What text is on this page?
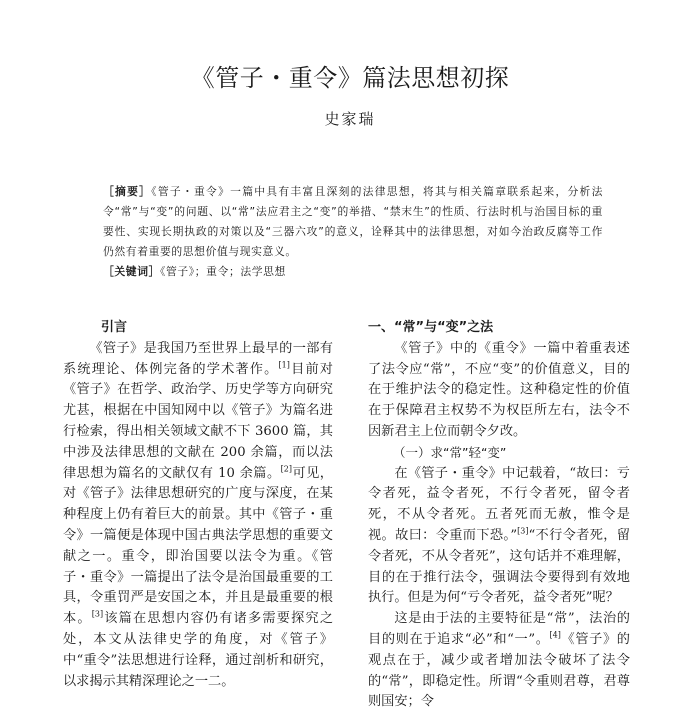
《管子・重令》篇法思想初探
史家瑞

［摘要］《管子・重令》一篇中具有丰富且深刻的法律思想，将其与相关篇章联系起来，分析法令“常”与“变”的问题、以“常”法应君主之“变”的举措、“禁末生”的性质、行法时机与治国目标的重要性、实现长期执政的对策以及“三器六攻”的意义，诠释其中的法律思想，对如今治政反腐等工作仍然有着重要的思想价值与现实意义。

［关键词］《管子》；重令；法学思想

引言

《管子》是我国乃至世界上最早的一部有系统理论、体例完备的学术著作。[1]目前对《管子》在哲学、政治学、历史学等方向研究尤甚，根据在中国知网中以《管子》为篇名进行检索，得出相关领域文献不下 3600 篇，其中涉及法律思想的文献在 200 余篇，而以法律思想为篇名的文献仅有 10 余篇。[2]可见，对《管子》法律思想研究的广度与深度，在某种程度上仍有着巨大的前景。其中《管子・重令》一篇便是体现中国古典法学思想的重要文献之一。重令，即治国要以法令为重。《管子・重令》一篇提出了法令是治国最重要的工具，令重罚严是安国之本，并且是最重要的根本。[3]该篇在思想内容仍有诸多需要探究之处，本文从法律史学的角度，对《管子》中“重令”法思想进行诠释，通过剖析和研究，以求揭示其精深理论之一二。

一、“常”与“变”之法

《管子》中的《重令》一篇中着重表述了法令应“常”，不应“变”的价值意义，目的在于维护法令的稳定性。这种稳定性的价值在于保障君主权势不为权臣所左右，法令不因新君主上位而朝令夕改。

（一）求“常”轻“变”

在《管子・重令》中记载着，“故曰：亏令者死，益令者死，不行令者死，留令者死，不从令者死。五者死而无赦，惟令是视。故曰：令重而下恐。”[3]“不行令者死，留令者死，不从令者死”，这句话并不难理解，目的在于推行法令，强调法令要得到有效地执行。但是为何“亏令者死，益令者死”呢？

这是由于法的主要特征是“常”，法治的目的则在于追求“必”和“一”。[4]《管子》的观点在于，减少或者增加法令破坏了法令的“常”，即稳定性。所谓“令重则君尊，君尊则国安；令
